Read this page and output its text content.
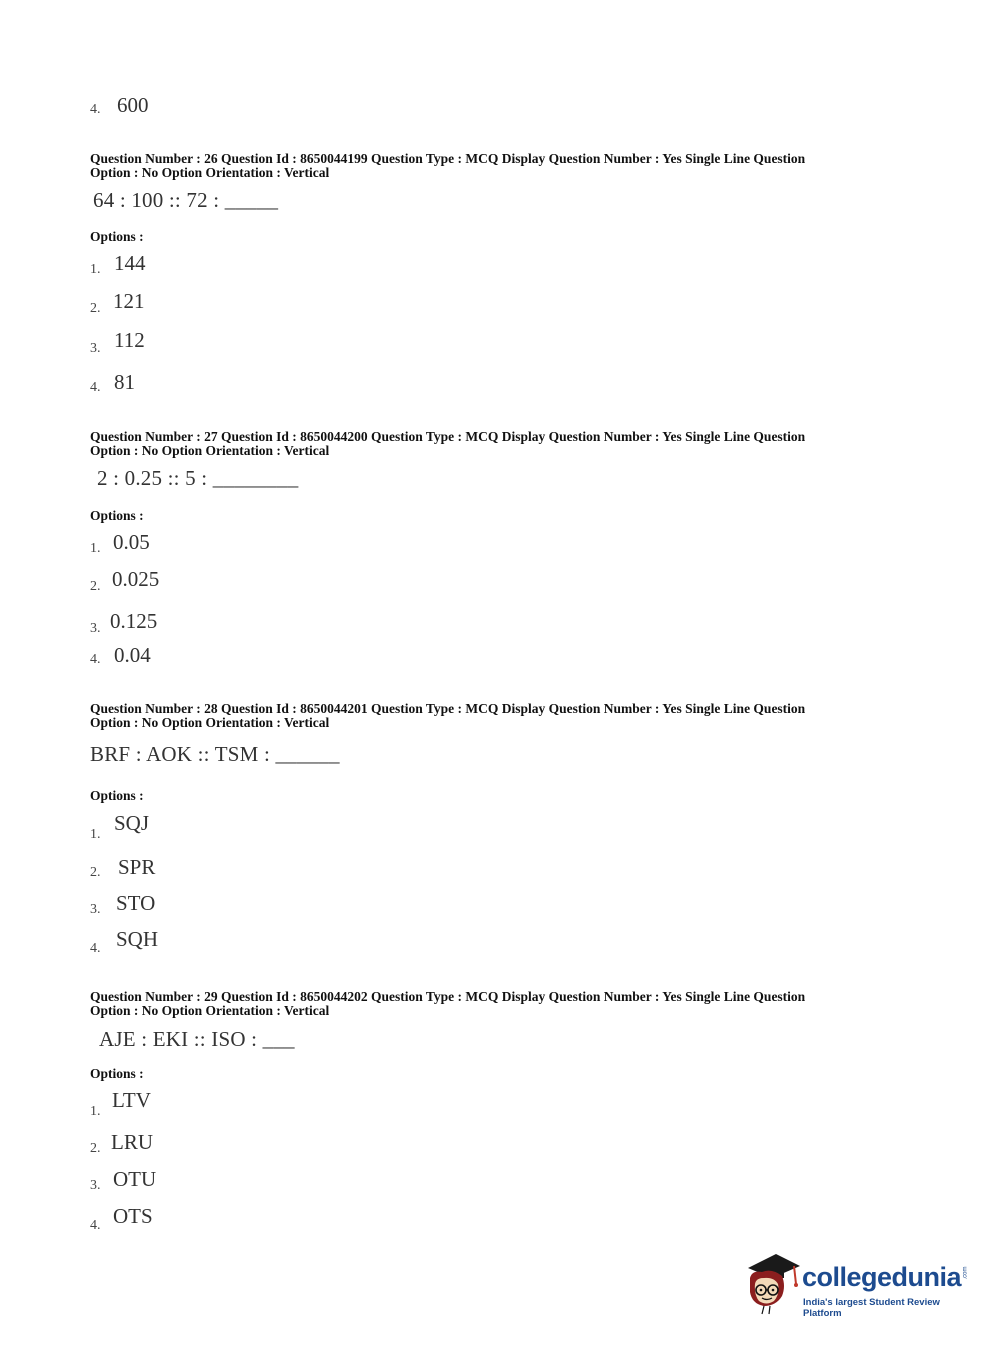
4. 600
Question Number : 26 Question Id : 8650044199 Question Type : MCQ Display Question Number : Yes Single Line Question
Option : No Option Orientation : Vertical
64 : 100 :: 72 : _____
Options :
1. 144
2. 121
3. 112
4. 81
Question Number : 27 Question Id : 8650044200 Question Type : MCQ Display Question Number : Yes Single Line Question
Option : No Option Orientation : Vertical
2 : 0.25 :: 5 : ________
Options :
1. 0.05
2. 0.025
3. 0.125
4. 0.04
Question Number : 28 Question Id : 8650044201 Question Type : MCQ Display Question Number : Yes Single Line Question
Option : No Option Orientation : Vertical
BRF : AOK :: TSM : ______
Options :
1. SQJ
2. SPR
3. STO
4. SQH
Question Number : 29 Question Id : 8650044202 Question Type : MCQ Display Question Number : Yes Single Line Question
Option : No Option Orientation : Vertical
AJE : EKI :: ISO : ___
Options :
1. LTV
2. LRU
3. OTU
4. OTS
collegedunia .com
India's largest Student Review Platform
